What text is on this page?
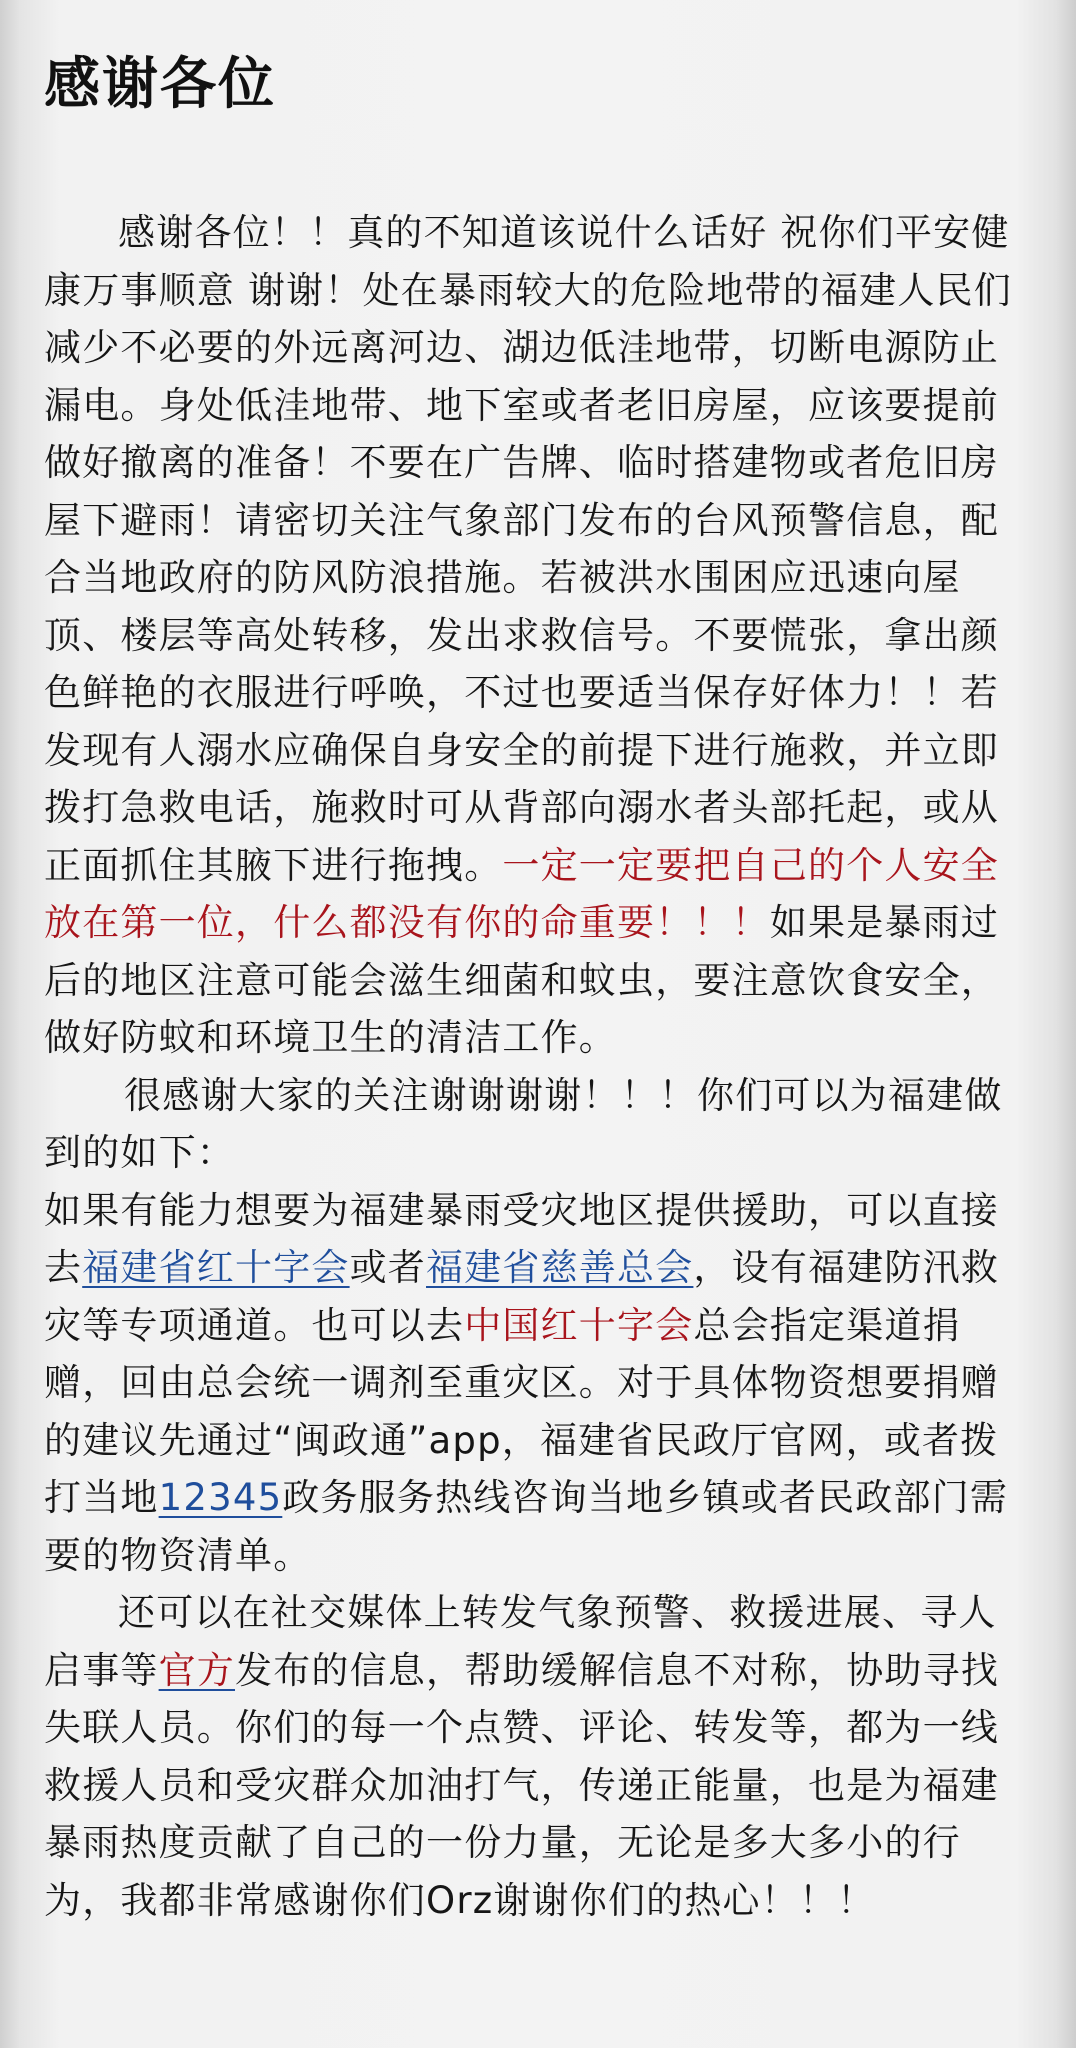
感谢各位

感谢各位！！真的不知道该说什么话好 祝你们平安健康万事顺意 谢谢！处在暴雨较大的危险地带的福建人民们减少不必要的外远离河边、湖边低洼地带，切断电源防止漏电。身处低洼地带、地下室或者老旧房屋，应该要提前做好撤离的准备！不要在广告牌、临时搭建物或者危旧房屋下避雨！请密切关注气象部门发布的台风预警信息，配合当地政府的防风防浪措施。若被洪水围困应迅速向屋顶、楼层等高处转移，发出求救信号。不要慌张，拿出颜色鲜艳的衣服进行呼唤，不过也要适当保存好体力！！若发现有人溺水应确保自身安全的前提下进行施救，并立即拨打急救电话，施救时可从背部向溺水者头部托起，或从正面抓住其腋下进行拖拽。一定一定要把自己的个人安全放在第一位，什么都没有你的命重要！！！如果是暴雨过后的地区注意可能会滋生细菌和蚊虫，要注意饮食安全，做好防蚊和环境卫生的清洁工作。

很感谢大家的关注谢谢谢谢！！！你们可以为福建做到的如下：

如果有能力想要为福建暴雨受灾地区提供援助，可以直接去福建省红十字会或者福建省慈善总会，设有福建防汛救灾等专项通道。也可以去中国红十字会总会指定渠道捐赠，回由总会统一调剂至重灾区。对于具体物资想要捐赠的建议先通过“闽政通”app，福建省民政厅官网，或者拨打当地12345政务服务热线咨询当地乡镇或者民政部门需要的物资清单。

还可以在社交媒体上转发气象预警、救援进展、寻人启事等官方发布的信息，帮助缓解信息不对称，协助寻找失联人员。你们的每一个点赞、评论、转发等，都为一线救援人员和受灾群众加油打气，传递正能量，也是为福建暴雨热度贡献了自己的一份力量，无论是多大多小的行为，我都非常感谢你们Orz谢谢你们的热心！！！
